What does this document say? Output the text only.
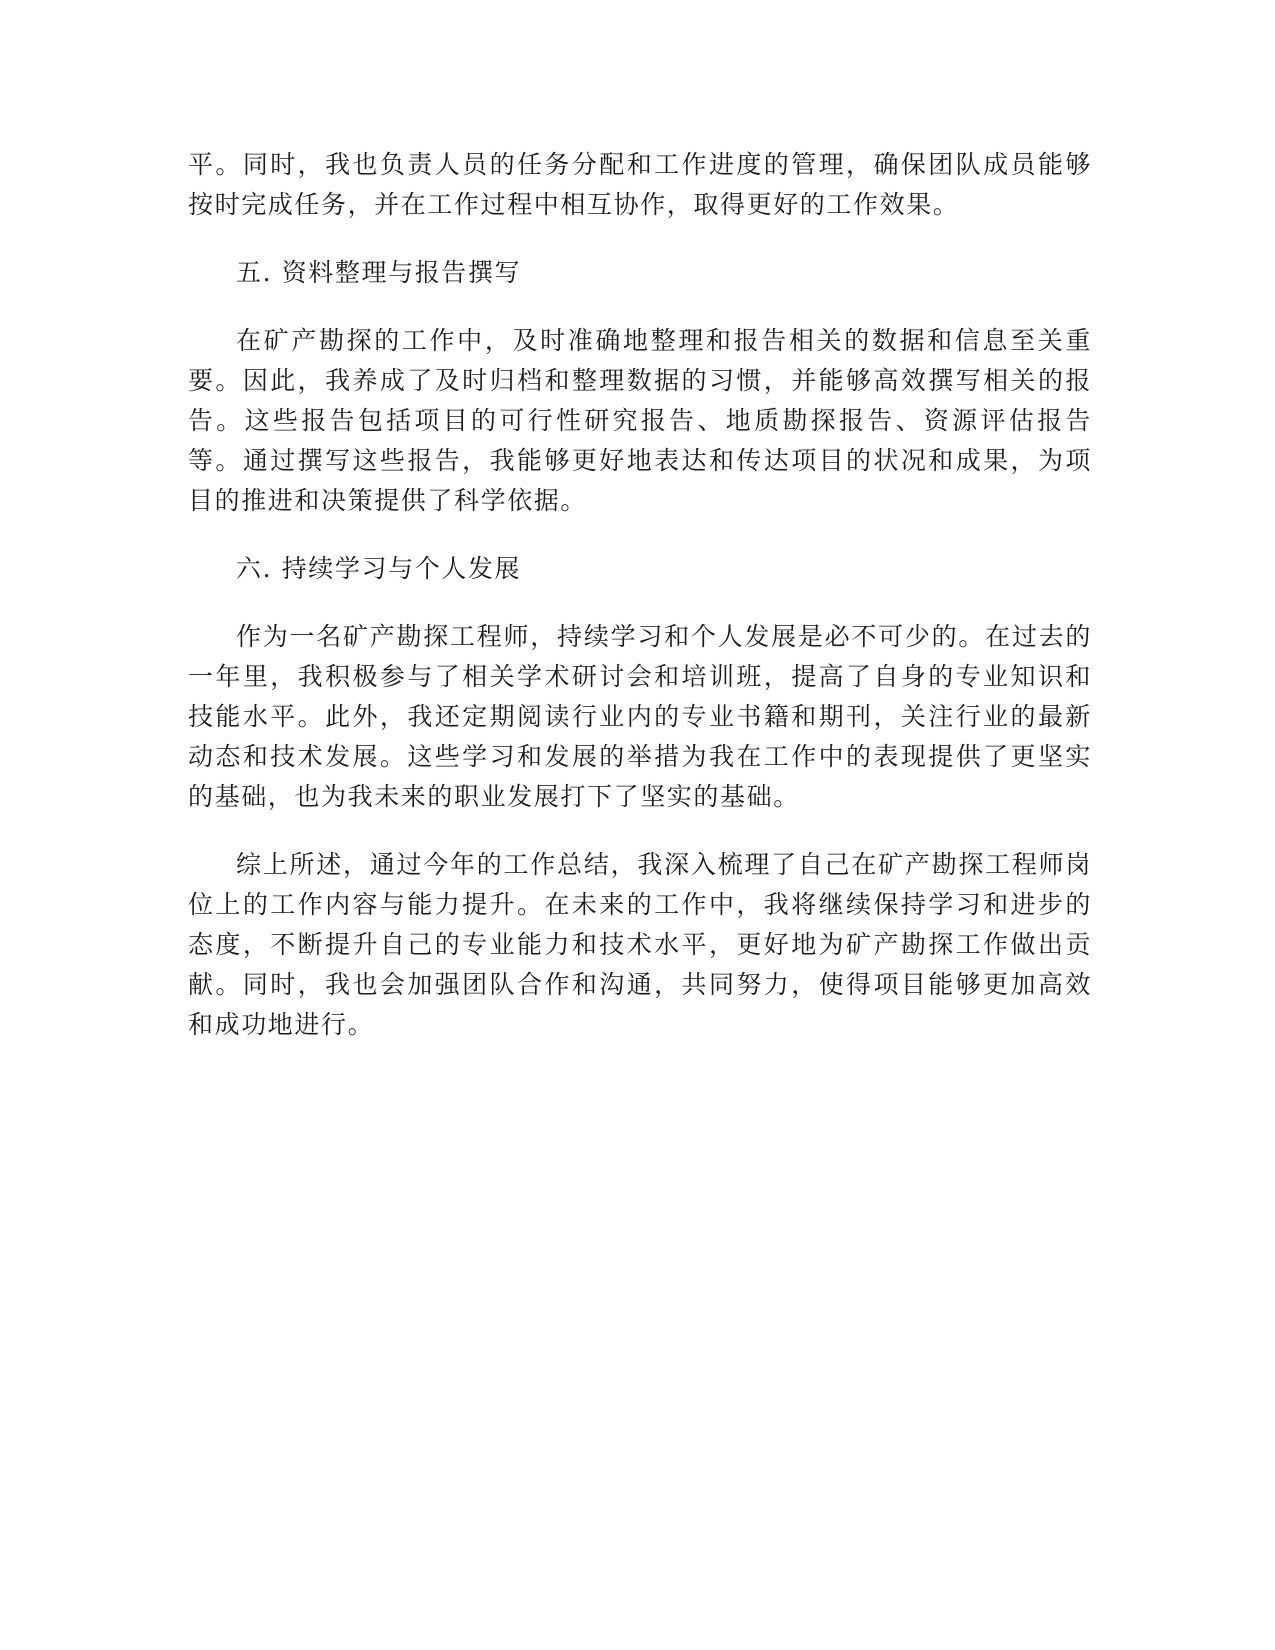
平。同时，我也负责人员的任务分配和工作进度的管理，确保团队成员能够按时完成任务，并在工作过程中相互协作，取得更好的工作效果。

五. 资料整理与报告撰写

在矿产勘探的工作中，及时准确地整理和报告相关的数据和信息至关重要。因此，我养成了及时归档和整理数据的习惯，并能够高效撰写相关的报告。这些报告包括项目的可行性研究报告、地质勘探报告、资源评估报告等。通过撰写这些报告，我能够更好地表达和传达项目的状况和成果，为项目的推进和决策提供了科学依据。

六. 持续学习与个人发展

作为一名矿产勘探工程师，持续学习和个人发展是必不可少的。在过去的一年里，我积极参与了相关学术研讨会和培训班，提高了自身的专业知识和技能水平。此外，我还定期阅读行业内的专业书籍和期刊，关注行业的最新动态和技术发展。这些学习和发展的举措为我在工作中的表现提供了更坚实的基础，也为我未来的职业发展打下了坚实的基础。

综上所述，通过今年的工作总结，我深入梳理了自己在矿产勘探工程师岗位上的工作内容与能力提升。在未来的工作中，我将继续保持学习和进步的态度，不断提升自己的专业能力和技术水平，更好地为矿产勘探工作做出贡献。同时，我也会加强团队合作和沟通，共同努力，使得项目能够更加高效和成功地进行。
